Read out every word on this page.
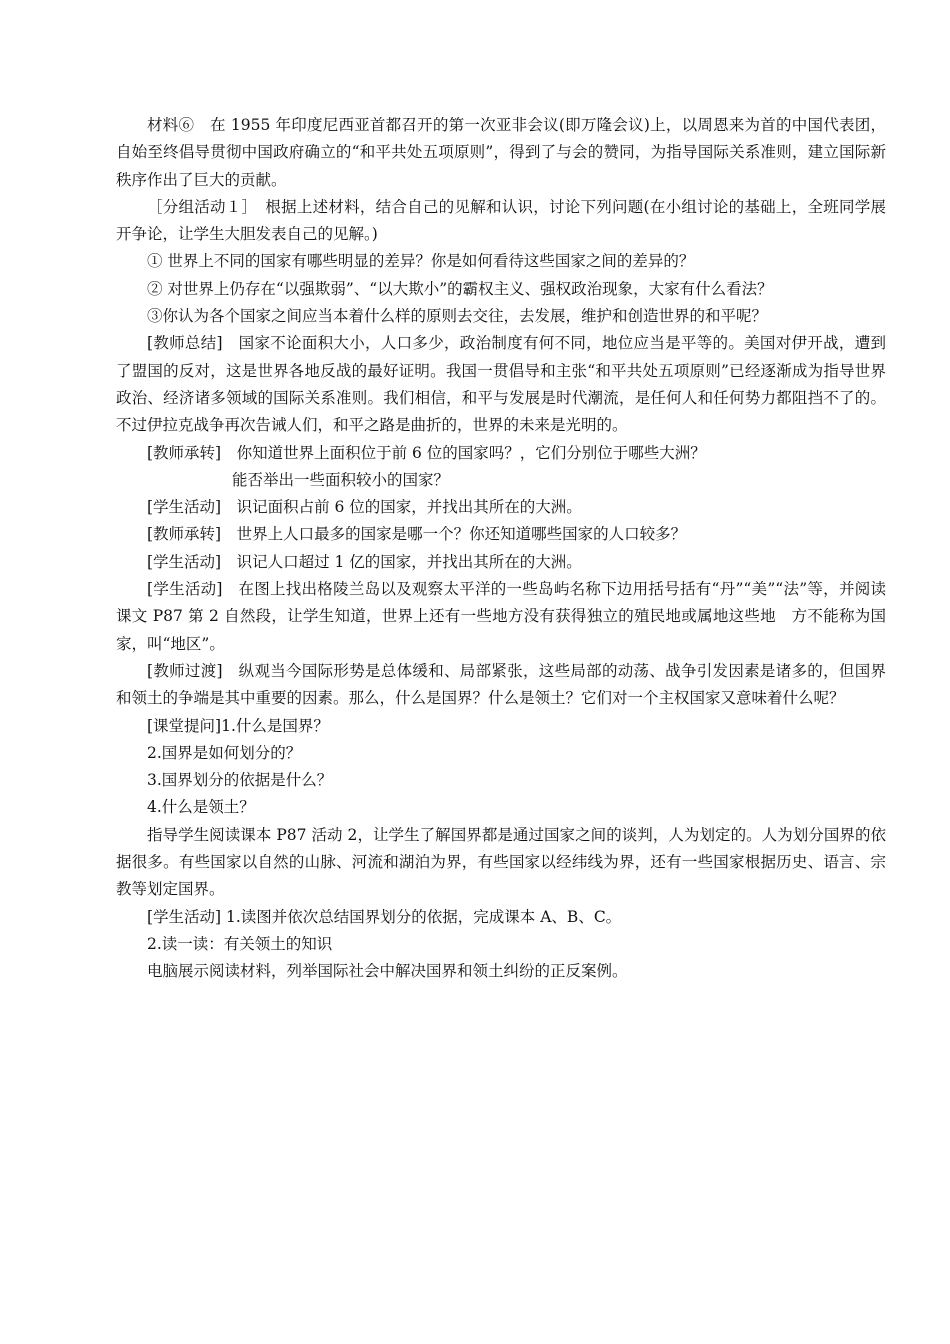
材料⑥　在 1955 年印度尼西亚首都召开的第一次亚非会议(即万隆会议)上，以周恩来为首的中国代表团，自始至终倡导贯彻中国政府确立的“和平共处五项原则”，得到了与会的赞同，为指导国际关系准则，建立国际新秩序作出了巨大的贡献。

［分组活动１］　根据上述材料，结合自己的见解和认识，讨论下列问题(在小组讨论的基础上，全班同学展开争论，让学生大胆发表自己的见解。)

① 世界上不同的国家有哪些明显的差异？你是如何看待这些国家之间的差异的？

② 对世界上仍存在“以强欺弱”、“以大欺小”的霸权主义、强权政治现象，大家有什么看法？

③你认为各个国家之间应当本着什么样的原则去交往，去发展，维护和创造世界的和平呢？

[教师总结]　国家不论面积大小，人口多少，政治制度有何不同，地位应当是平等的。美国对伊开战，遭到了盟国的反对，这是世界各地反战的最好证明。我国一贯倡导和主张“和平共处五项原则”已经逐渐成为指导世界政治、经济诸多领域的国际关系准则。我们相信，和平与发展是时代潮流，是任何人和任何势力都阻挡不了的。不过伊拉克战争再次告诫人们，和平之路是曲折的，世界的未来是光明的。

[教师承转]　你知道世界上面积位于前 6 位的国家吗？，它们分别位于哪些大洲？

能否举出一些面积较小的国家？

[学生活动]　识记面积占前 6 位的国家，并找出其所在的大洲。

[教师承转]　世界上人口最多的国家是哪一个？你还知道哪些国家的人口较多？

[学生活动]　识记人口超过 1 亿的国家，并找出其所在的大洲。

[学生活动]　在图上找出格陵兰岛以及观察太平洋的一些岛屿名称下边用括号括有“丹”“美”“法”等，并阅读课文 P87 第 2 自然段，让学生知道，世界上还有一些地方没有获得独立的殖民地或属地这些地　方不能称为国家，叫“地区”。

[教师过渡]　纵观当今国际形势是总体缓和、局部紧张，这些局部的动荡、战争引发因素是诸多的，但国界和领土的争端是其中重要的因素。那么，什么是国界？什么是领土？它们对一个主权国家又意味着什么呢？

[课堂提问]1.什么是国界？

2.国界是如何划分的？

3.国界划分的依据是什么？

4.什么是领土？

指导学生阅读课本 P87 活动 2，让学生了解国界都是通过国家之间的谈判，人为划定的。人为划分国界的依据很多。有些国家以自然的山脉、河流和湖泊为界，有些国家以经纬线为界，还有一些国家根据历史、语言、宗教等划定国界。

[学生活动] 1.读图并依次总结国界划分的依据，完成课本 A、B、C。

2.读一读：有关领土的知识

电脑展示阅读材料，列举国际社会中解决国界和领土纠纷的正反案例。
